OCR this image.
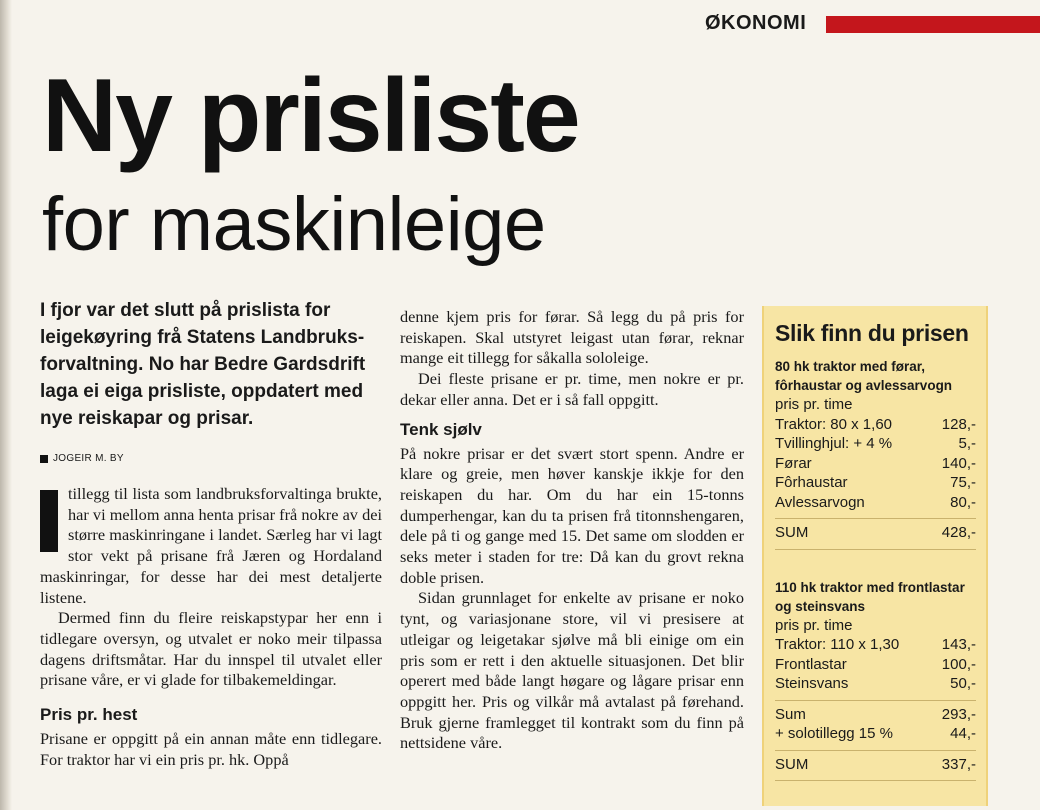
ØKONOMI
Ny prisliste
for maskinleige

I fjor var det slutt på prislista for leigekøyring frå Statens Landbruksforvaltning. No har Bedre Gardsdrift laga ei eiga prisliste, oppdatert med nye reiskapar og prisar.

JOGEIR M. BY

tillegg til lista som landbruksforvaltinga brukte, har vi mellom anna henta prisar frå nokre av dei større maskinringane i landet. Særleg har vi lagt stor vekt på prisane frå Jæren og Hordaland maskinringar, for desse har dei mest detaljerte listene.

Dermed finn du fleire reiskapstypar her enn i tidlegare oversyn, og utvalet er noko meir tilpassa dagens driftsmåtar. Har du innspel til utvalet eller prisane våre, er vi glade for tilbakemeldingar.

Pris pr. hest

Prisane er oppgitt på ein annan måte enn tidlegare. For traktor har vi ein pris pr. hk. Oppå

denne kjem pris for førar. Så legg du på pris for reiskapen. Skal utstyret leigast utan førar, reknar mange eit tillegg for såkalla sololeige.

Dei fleste prisane er pr. time, men nokre er pr. dekar eller anna. Det er i så fall oppgitt.

Tenk sjølv

På nokre prisar er det svært stort spenn. Andre er klare og greie, men høver kanskje ikkje for den reiskapen du har. Om du har ein 15-tonns dumperhengar, kan du ta prisen frå titonnshengaren, dele på ti og gange med 15. Det same om slodden er seks meter i staden for tre: Då kan du grovt rekna doble prisen.

Sidan grunnlaget for enkelte av prisane er noko tynt, og variasjonane store, vil vi presisere at utleigar og leigetakar sjølve må bli einige om ein pris som er rett i den aktuelle situasjonen. Det blir operert med både langt høgare og lågare prisar enn oppgitt her. Pris og vilkår må avtalast på førehand. Bruk gjerne framlegget til kontrakt som du finn på nettsidene våre.

Slik finn du prisen
80 hk traktor med førar, fôrhaustar og avlessarvogn
pris pr. time
Traktor: 80 x 1,60	128,-
Tvillinghjul: + 4 %	5,-
Førar	140,-
Fôrhaustar	75,-
Avlessarvogn	80,-
SUM	428,-
110 hk traktor med frontlastar og steinsvans
pris pr. time
Traktor: 110 x 1,30	143,-
Frontlastar	100,-
Steinsvans	50,-
Sum	293,-
+ solotillegg 15 %	44,-
SUM	337,-
